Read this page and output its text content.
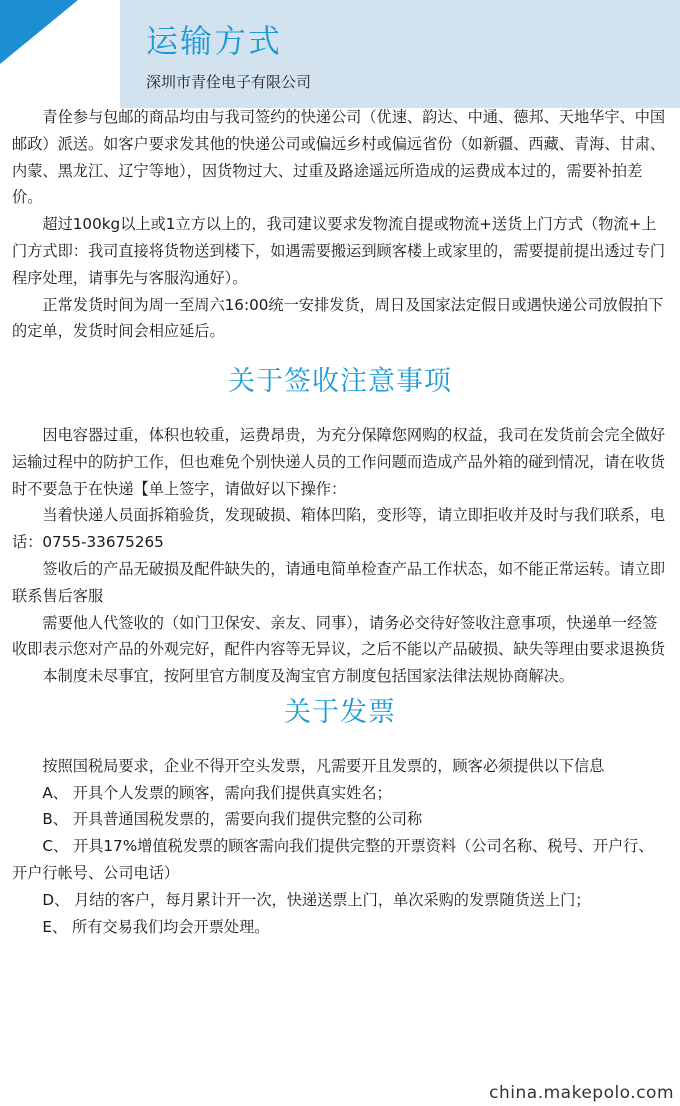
运输方式
深圳市青佺电子有限公司

青佺参与包邮的商品均由与我司签约的快递公司（优速、韵达、中通、德邦、天地华宇、中国邮政）派送。如客户要求发其他的快递公司或偏远乡村或偏远省份（如新疆、西藏、青海、甘肃、内蒙、黑龙江、辽宁等地），因货物过大、过重及路途遥远所造成的运费成本过的，需要补拍差价。

超过100kg以上或1立方以上的，我司建议要求发物流自提或物流+送货上门方式（物流+上门方式即：我司直接将货物送到楼下，如遇需要搬运到顾客楼上或家里的，需要提前提出透过专门程序处理，请事先与客服沟通好）。

正常发货时间为周一至周六16:00统一安排发货，周日及国家法定假日或遇快递公司放假拍下的定单，发货时间会相应延后。

关于签收注意事项

因电容器过重，体积也较重，运费昂贵，为充分保障您网购的权益，我司在发货前会完全做好运输过程中的防护工作，但也难免个别快递人员的工作问题而造成产品外箱的碰到情况，请在收货时不要急于在快递【单上签字，请做好以下操作：

当着快递人员面拆箱验货，发现破损、箱体凹陷，变形等，请立即拒收并及时与我们联系，电话：0755-33675265

签收后的产品无破损及配件缺失的，请通电简单检查产品工作状态，如不能正常运转。请立即联系售后客服

需要他人代签收的（如门卫保安、亲友、同事），请务必交待好签收注意事项，快递单一经签收即表示您对产品的外观完好，配件内容等无异议，之后不能以产品破损、缺失等理由要求退换货

本制度未尽事宜，按阿里官方制度及淘宝官方制度包括国家法律法规协商解决。

关于发票

按照国税局要求，企业不得开空头发票，凡需要开且发票的，顾客必须提供以下信息

A、 开具个人发票的顾客，需向我们提供真实姓名；

B、 开具普通国税发票的，需要向我们提供完整的公司称

C、 开具17%增值税发票的顾客需向我们提供完整的开票资料（公司名称、税号、开户行、开户行帐号、公司电话）

D、 月结的客户，每月累计开一次，快递送票上门，单次采购的发票随货送上门；

E、 所有交易我们均会开票处理。

china.makepolo.com
